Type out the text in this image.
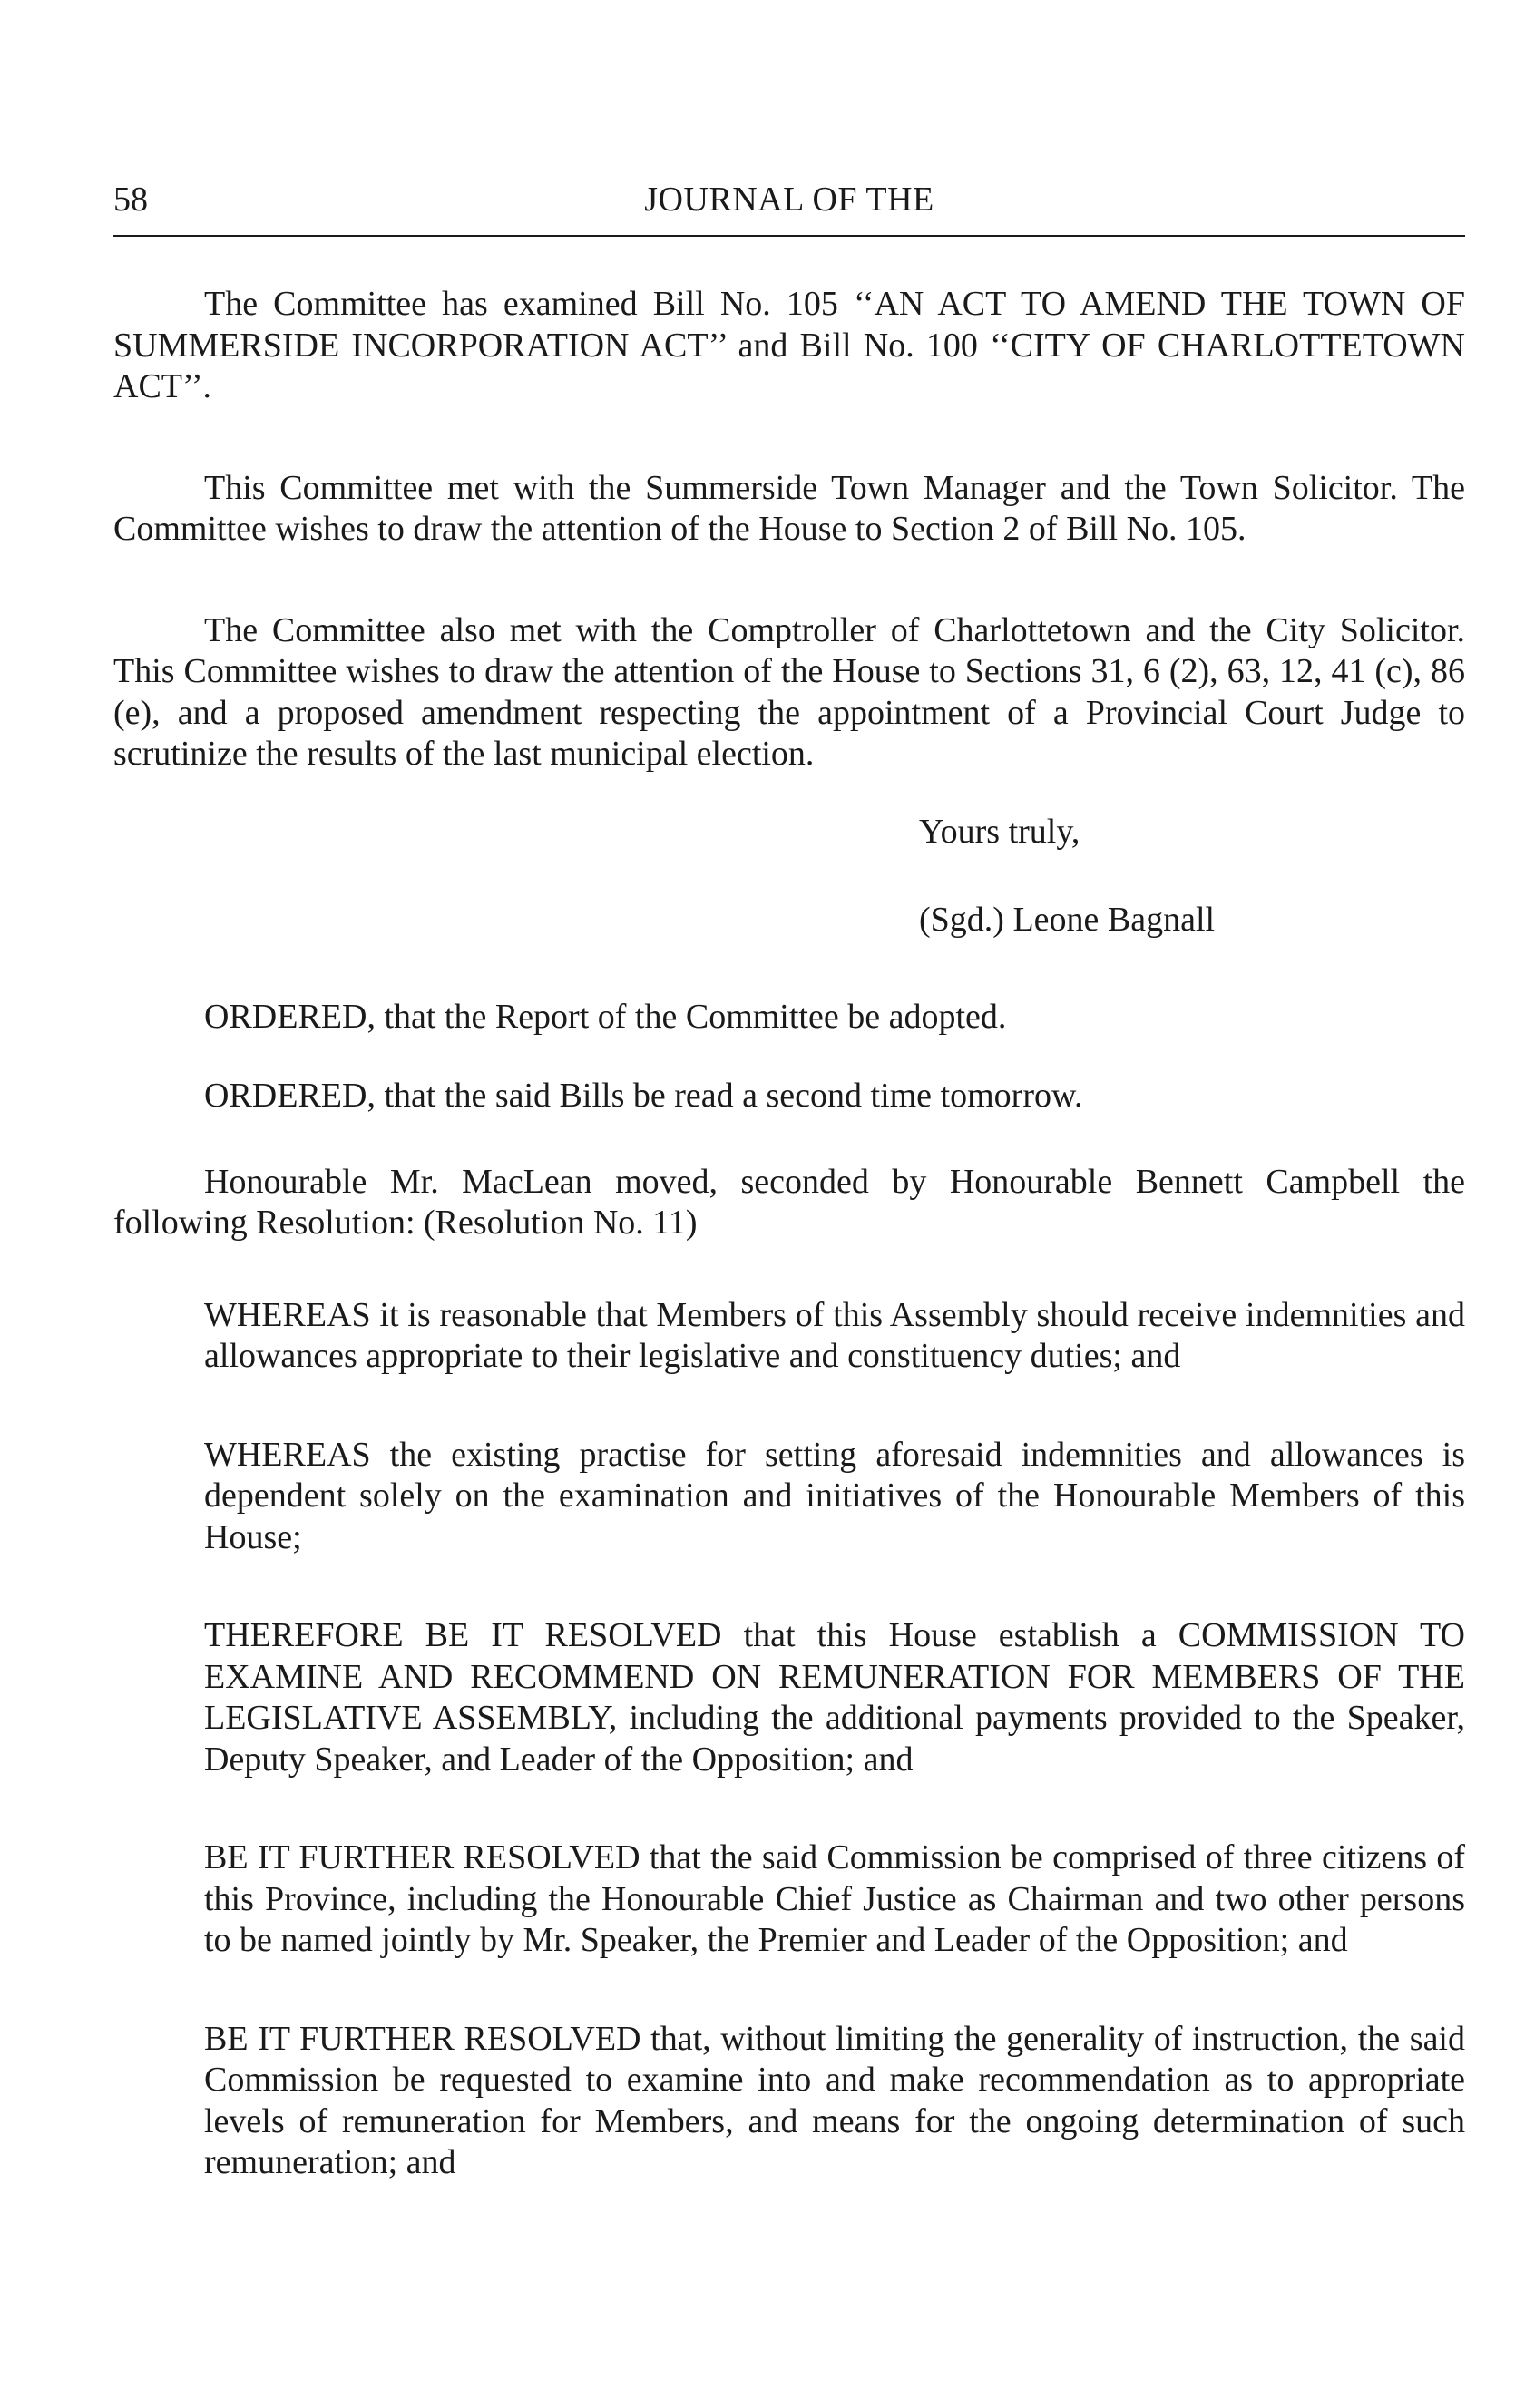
58	JOURNAL OF THE

The Committee has examined Bill No. 105 ‘‘AN ACT TO AMEND THE TOWN OF SUMMERSIDE INCORPORATION ACT’’ and Bill No. 100 ‘‘CITY OF CHARLOTTETOWN ACT’’.

This Committee met with the Summerside Town Manager and the Town Solicitor. The Committee wishes to draw the attention of the House to Section 2 of Bill No. 105.

The Committee also met with the Comptroller of Charlottetown and the City Solicitor. This Committee wishes to draw the attention of the House to Sections 31, 6 (2), 63, 12, 41 (c), 86 (e), and a proposed amendment respecting the appointment of a Provincial Court Judge to scrutinize the results of the last municipal election.

Yours truly,

(Sgd.) Leone Bagnall

ORDERED, that the Report of the Committee be adopted.

ORDERED, that the said Bills be read a second time tomorrow.

Honourable Mr. MacLean moved, seconded by Honourable Bennett Campbell the following Resolution: (Resolution No. 11)

WHEREAS it is reasonable that Members of this Assembly should receive indemnities and allowances appropriate to their legislative and constituency duties; and

WHEREAS the existing practise for setting aforesaid indemnities and allowances is dependent solely on the examination and initiatives of the Honourable Members of this House;

THEREFORE BE IT RESOLVED that this House establish a COMMISSION TO EXAMINE AND RECOMMEND ON REMUNERATION FOR MEMBERS OF THE LEGISLATIVE ASSEMBLY, including the additional payments provided to the Speaker, Deputy Speaker, and Leader of the Opposition; and

BE IT FURTHER RESOLVED that the said Commission be comprised of three citizens of this Province, including the Honourable Chief Justice as Chairman and two other persons to be named jointly by Mr. Speaker, the Premier and Leader of the Opposition; and

BE IT FURTHER RESOLVED that, without limiting the generality of instruction, the said Commission be requested to examine into and make recommendation as to appropriate levels of remuneration for Members, and means for the ongoing determination of such remuneration; and
